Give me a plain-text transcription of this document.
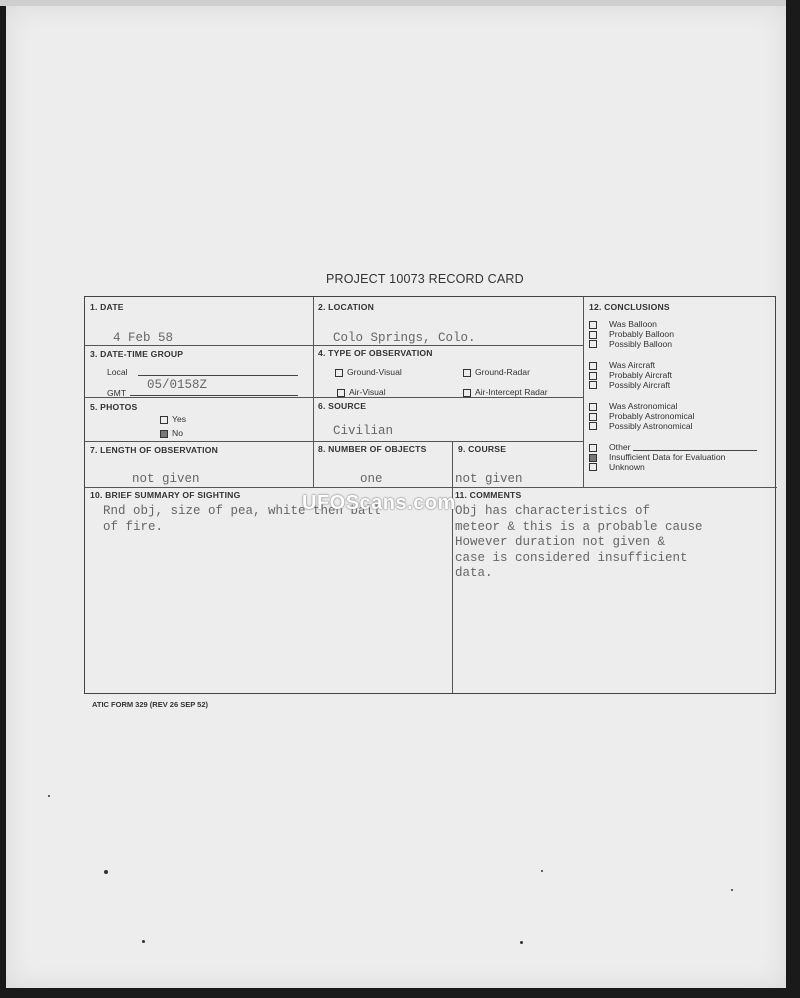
PROJECT 10073 RECORD CARD
1. DATE
4 Feb 58
2. LOCATION
Colo Springs, Colo.
3. DATE-TIME GROUP
Local
GMT
05/0158Z
4. TYPE OF OBSERVATION
Ground-Visual	Ground-Radar
Air-Visual	Air-Intercept Radar
5. PHOTOS
Yes
No
6. SOURCE
Civilian
7. LENGTH OF OBSERVATION
not given
8. NUMBER OF OBJECTS
one
9. COURSE
not given
10. BRIEF SUMMARY OF SIGHTING
Rnd obj, size of pea, white then ball
of fire.
11. COMMENTS
Obj has characteristics of
meteor & this is a probable cause
However duration not given &
case is considered insufficient
data.
12. CONCLUSIONS
Was Balloon
Probably Balloon
Possibly Balloon
Was Aircraft
Probably Aircraft
Possibly Aircraft
Was Astronomical
Probably Astronomical
Possibly Astronomical
Other
Insufficient Data for Evaluation
Unknown
UFOScans.com
ATIC FORM 329 (REV 26 SEP 52)
